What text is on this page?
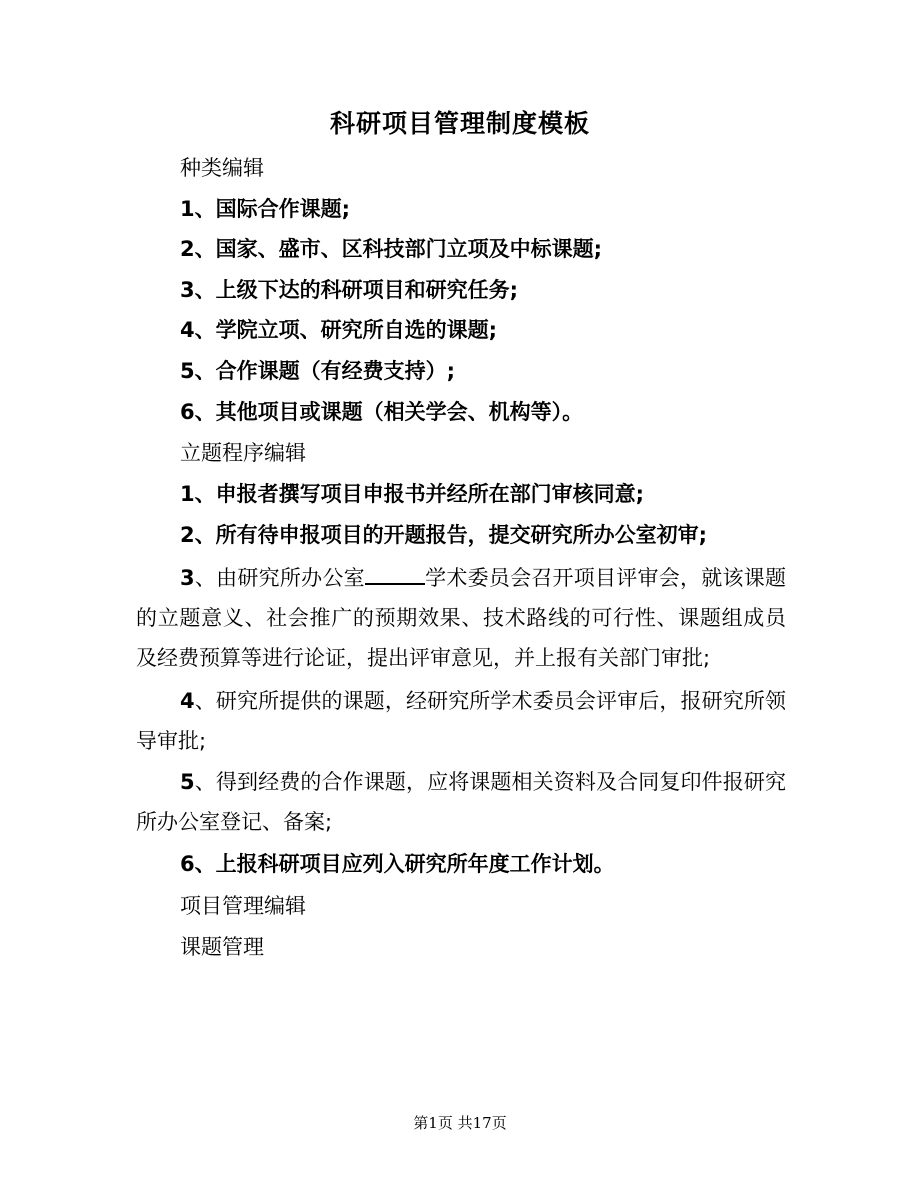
科研项目管理制度模板
种类编辑
1、国际合作课题;
2、国家、盛市、区科技部门立项及中标课题;
3、上级下达的科研项目和研究任务;
4、学院立项、研究所自选的课题;
5、合作课题（有经费支持）;
6、其他项目或课题（相关学会、机构等）。
立题程序编辑
1、申报者撰写项目申报书并经所在部门审核同意;
2、所有待申报项目的开题报告，提交研究所办公室初审;
3、由研究所办公室	学术委员会召开项目评审会，就该课题的立题意义、社会推广的预期效果、技术路线的可行性、课题组成员及经费预算等进行论证，提出评审意见，并上报有关部门审批;
4、研究所提供的课题，经研究所学术委员会评审后，报研究所领导审批;
5、得到经费的合作课题，应将课题相关资料及合同复印件报研究所办公室登记、备案;
6、上报科研项目应列入研究所年度工作计划。
项目管理编辑
课题管理
第1页 共17页
